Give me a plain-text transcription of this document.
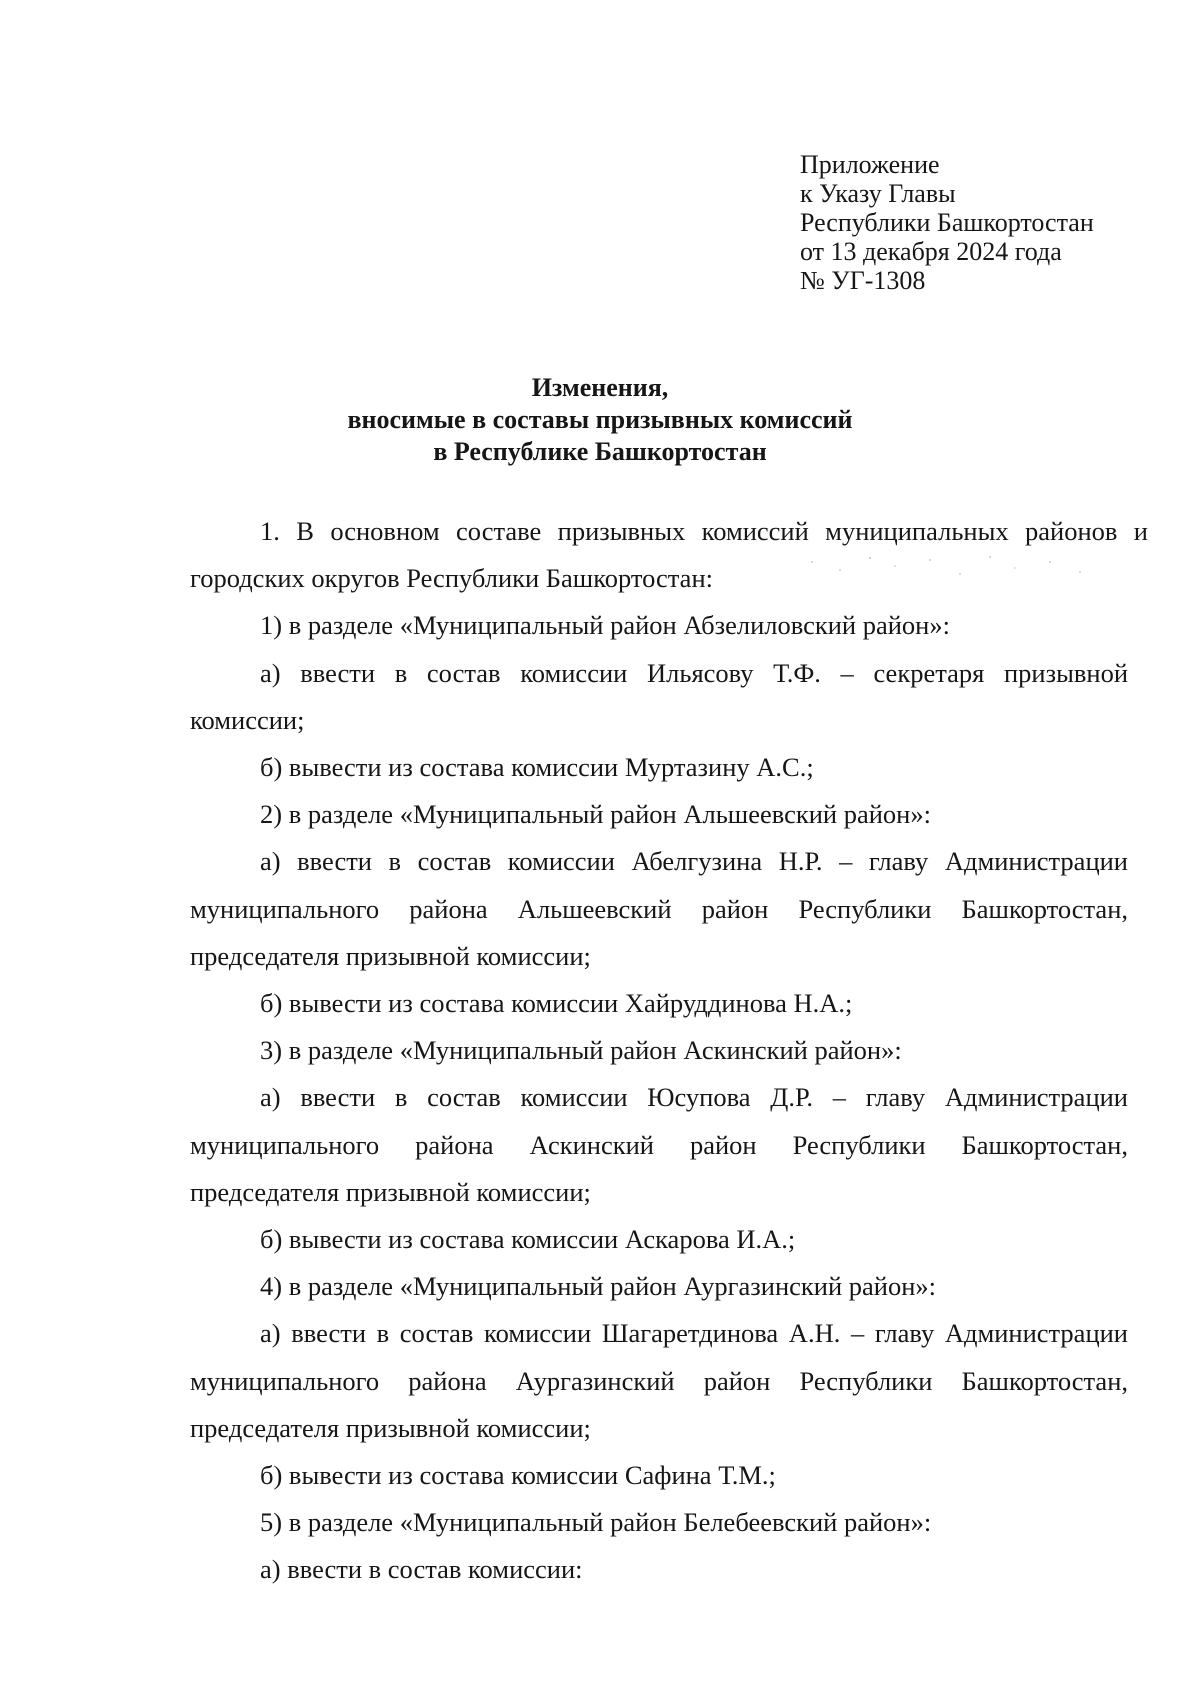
Приложение
к Указу Главы
Республики Башкортостан
от 13 декабря 2024 года
№ УГ-1308
Изменения,
вносимые в составы призывных комиссий
в Республике Башкортостан

1. В основном составе призывных комиссий муниципальных районов и городских округов Республики Башкортостан:

1) в разделе «Муниципальный район Абзелиловский район»:

а) ввести в состав комиссии Ильясову Т.Ф. – секретаря призывной комиссии;

б) вывести из состава комиссии Муртазину А.С.;

2) в разделе «Муниципальный район Альшеевский район»:

а) ввести в состав комиссии Абелгузина Н.Р. – главу Администрации муниципального района Альшеевский район Республики Башкортостан, председателя призывной комиссии;

б) вывести из состава комиссии Хайруддинова Н.А.;

3) в разделе «Муниципальный район Аскинский район»:

а) ввести в состав комиссии Юсупова Д.Р. – главу Администрации муниципального района Аскинский район Республики Башкортостан, председателя призывной комиссии;

б) вывести из состава комиссии Аскарова И.А.;

4) в разделе «Муниципальный район Аургазинский район»:

а) ввести в состав комиссии Шагаретдинова А.Н. – главу Администрации муниципального района Аургазинский район Республики Башкортостан, председателя призывной комиссии;

б) вывести из состава комиссии Сафина Т.М.;

5) в разделе «Муниципальный район Белебеевский район»:

а) ввести в состав комиссии:
